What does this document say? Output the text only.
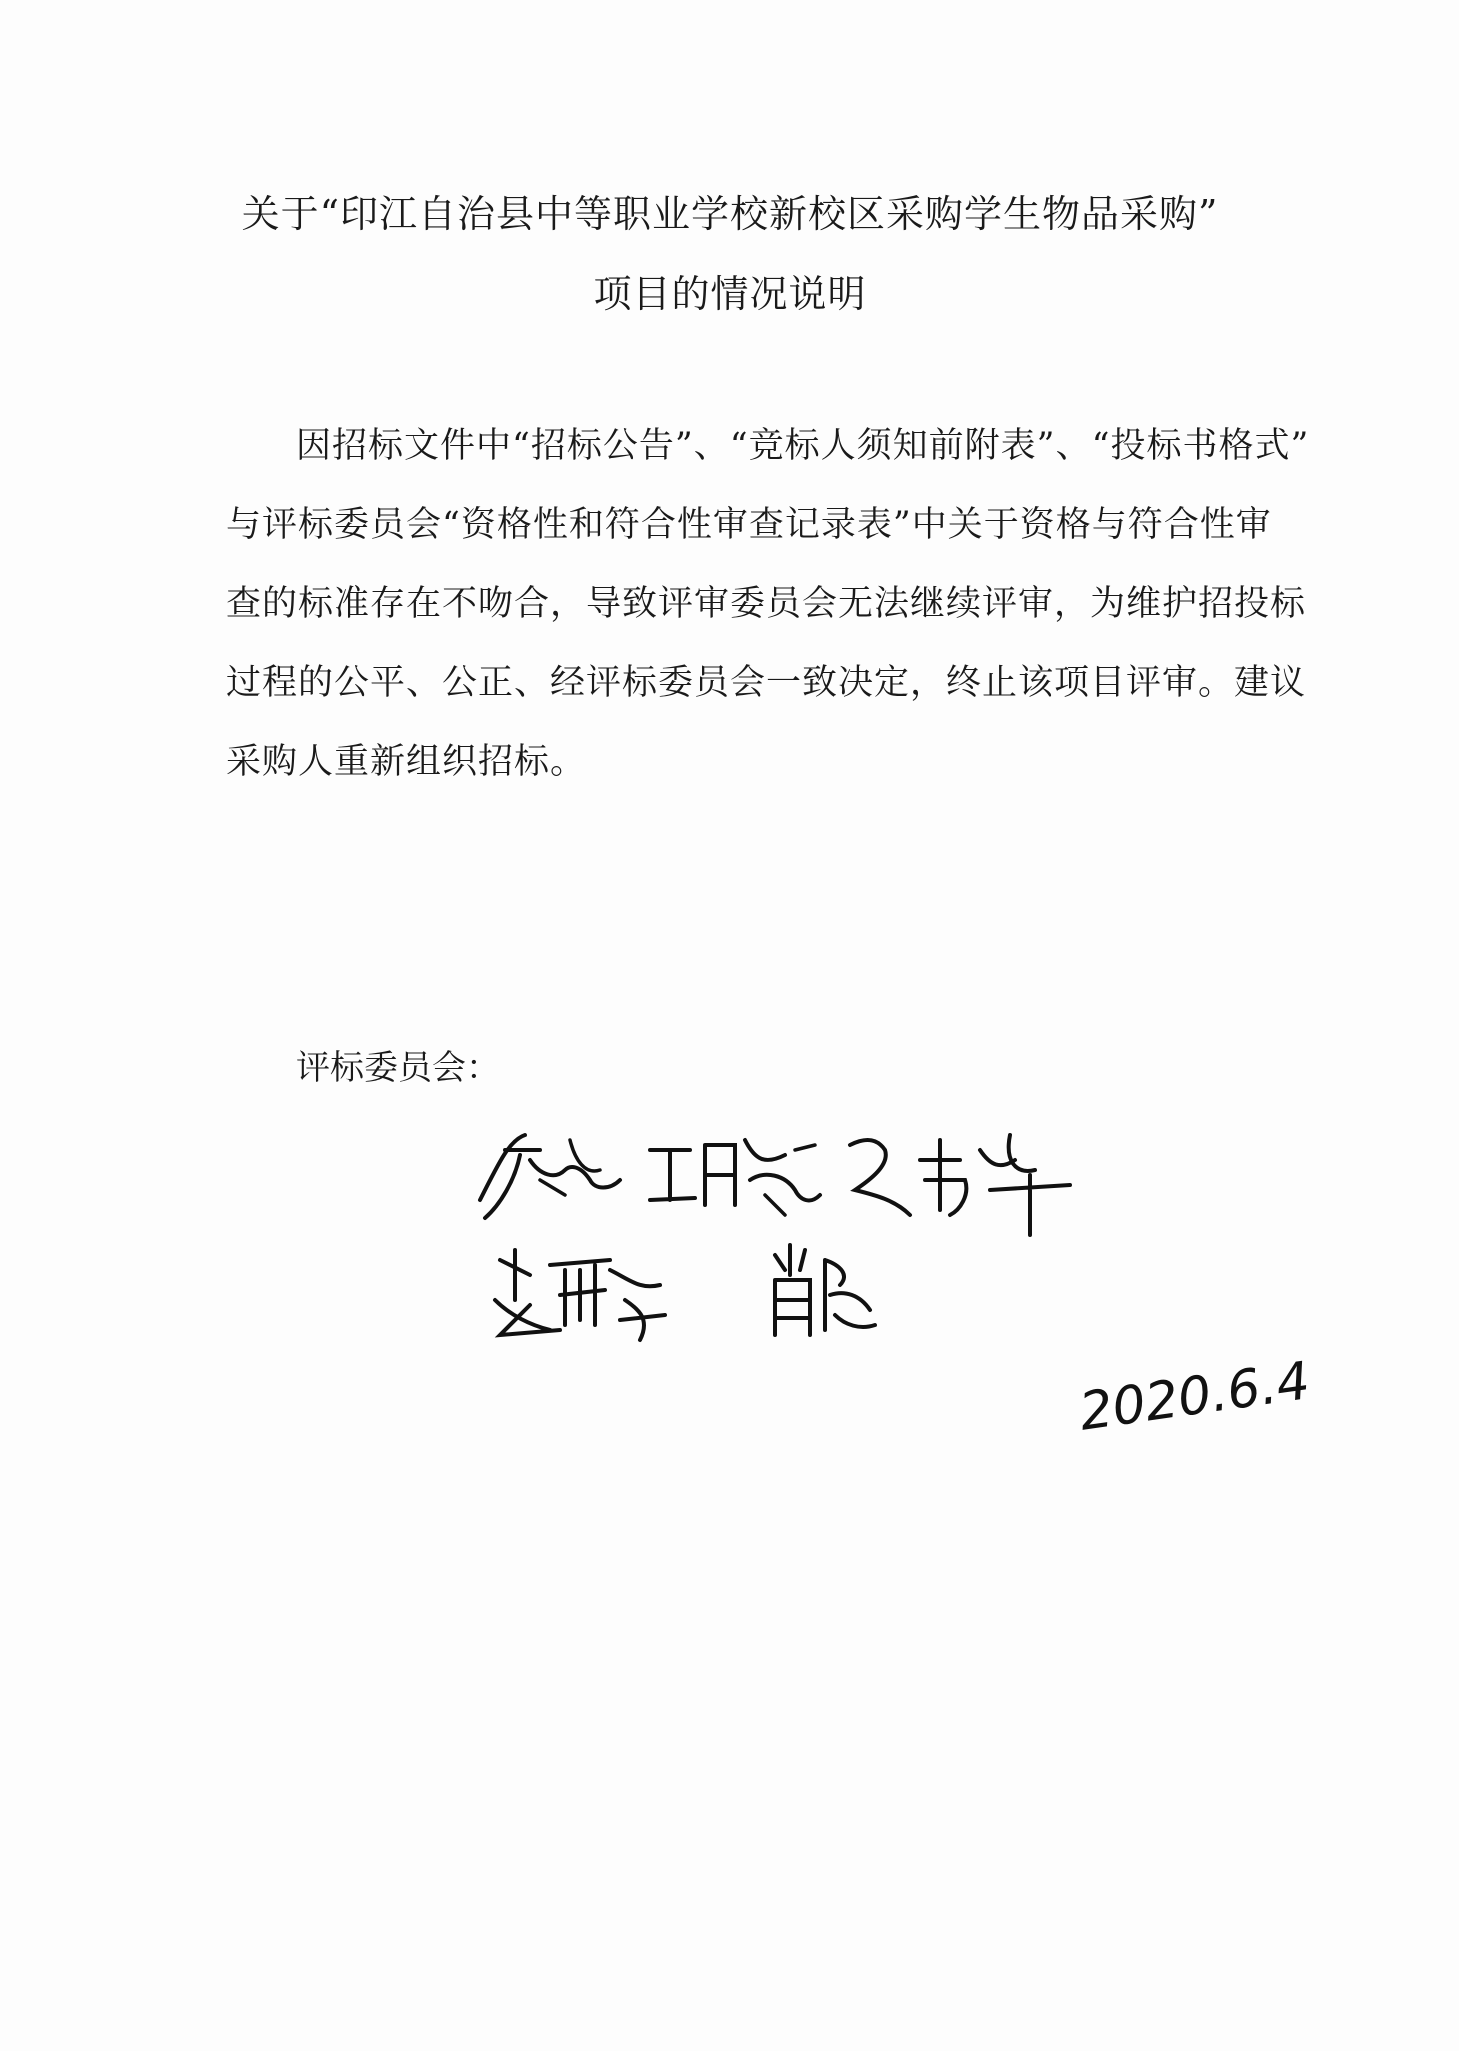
关于“印江自治县中等职业学校新校区采购学生物品采购”
项目的情况说明
因招标文件中“招标公告”、“竞标人须知前附表”、“投标书格式”
与评标委员会“资格性和符合性审查记录表”中关于资格与符合性审
查的标准存在不吻合，导致评审委员会无法继续评审，为维护招投标
过程的公平、公正、经评标委员会一致决定，终止该项目评审。建议
采购人重新组织招标。
评标委员会：
2020.6.4
